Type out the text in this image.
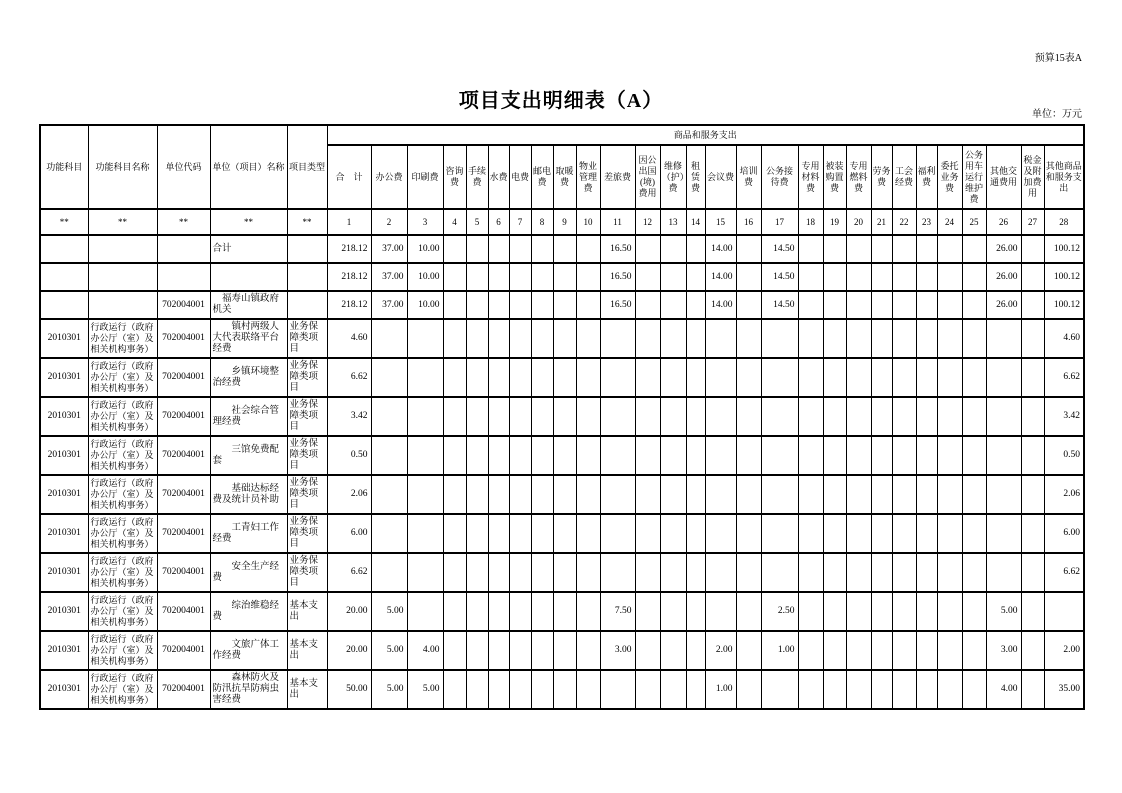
预算15表A
项目支出明细表（A）
单位：万元
功能科目	功能科目名称	单位代码	单位（项目）名称	项目类型	商品和服务支出																											
					合　计	办公费	印刷费	咨询费	手续费	水费	电费	邮电费	取暖费	物业管理费	差旅费	因公出国(境)费用	维修（护）费	租赁费	会议费	培训费	公务接待费	专用材料费	被装购置费	专用燃料费	劳务费	工会经费	福利费	委托业务费	公务用车运行维护费	其他交通费用	税金及附加费用	其他商品和服务支出
**	**	**	**	**	1	2	3	4	5	6	7	8	9	10	11	12	13	14	15	16	17	18	19	20	21	22	23	24	25	26	27	28
			合计		218.12	37.00	10.00								16.50				14.00		14.50									26.00		100.12
					218.12	37.00	10.00								16.50				14.00		14.50									26.00		100.12
		702004001	　福寿山镇政府机关		218.12	37.00	10.00								16.50				14.00		14.50									26.00		100.12
2010301	行政运行（政府办公厅（室）及相关机构事务）	702004001	　　镇村两级人大代表联络平台经费	业务保障类项目	4.60																											4.60
2010301	行政运行（政府办公厅（室）及相关机构事务）	702004001	　　乡镇环境整治经费	业务保障类项目	6.62																											6.62
2010301	行政运行（政府办公厅（室）及相关机构事务）	702004001	　　社会综合管理经费	业务保障类项目	3.42																											3.42
2010301	行政运行（政府办公厅（室）及相关机构事务）	702004001	　　三馆免费配套	业务保障类项目	0.50																											0.50
2010301	行政运行（政府办公厅（室）及相关机构事务）	702004001	　　基础达标经费及统计员补助	业务保障类项目	2.06																											2.06
2010301	行政运行（政府办公厅（室）及相关机构事务）	702004001	　　工青妇工作经费	业务保障类项目	6.00																											6.00
2010301	行政运行（政府办公厅（室）及相关机构事务）	702004001	　　安全生产经费	业务保障类项目	6.62																											6.62
2010301	行政运行（政府办公厅（室）及相关机构事务）	702004001	　　综治维稳经费	基本支出	20.00	5.00									7.50						2.50									5.00		
2010301	行政运行（政府办公厅（室）及相关机构事务）	702004001	　　文旅广体工作经费	基本支出	20.00	5.00	4.00								3.00				2.00		1.00									3.00		2.00
2010301	行政运行（政府办公厅（室）及相关机构事务）	702004001	　　森林防火及防汛抗旱防病虫害经费	基本支出	50.00	5.00	5.00												1.00											4.00		35.00
